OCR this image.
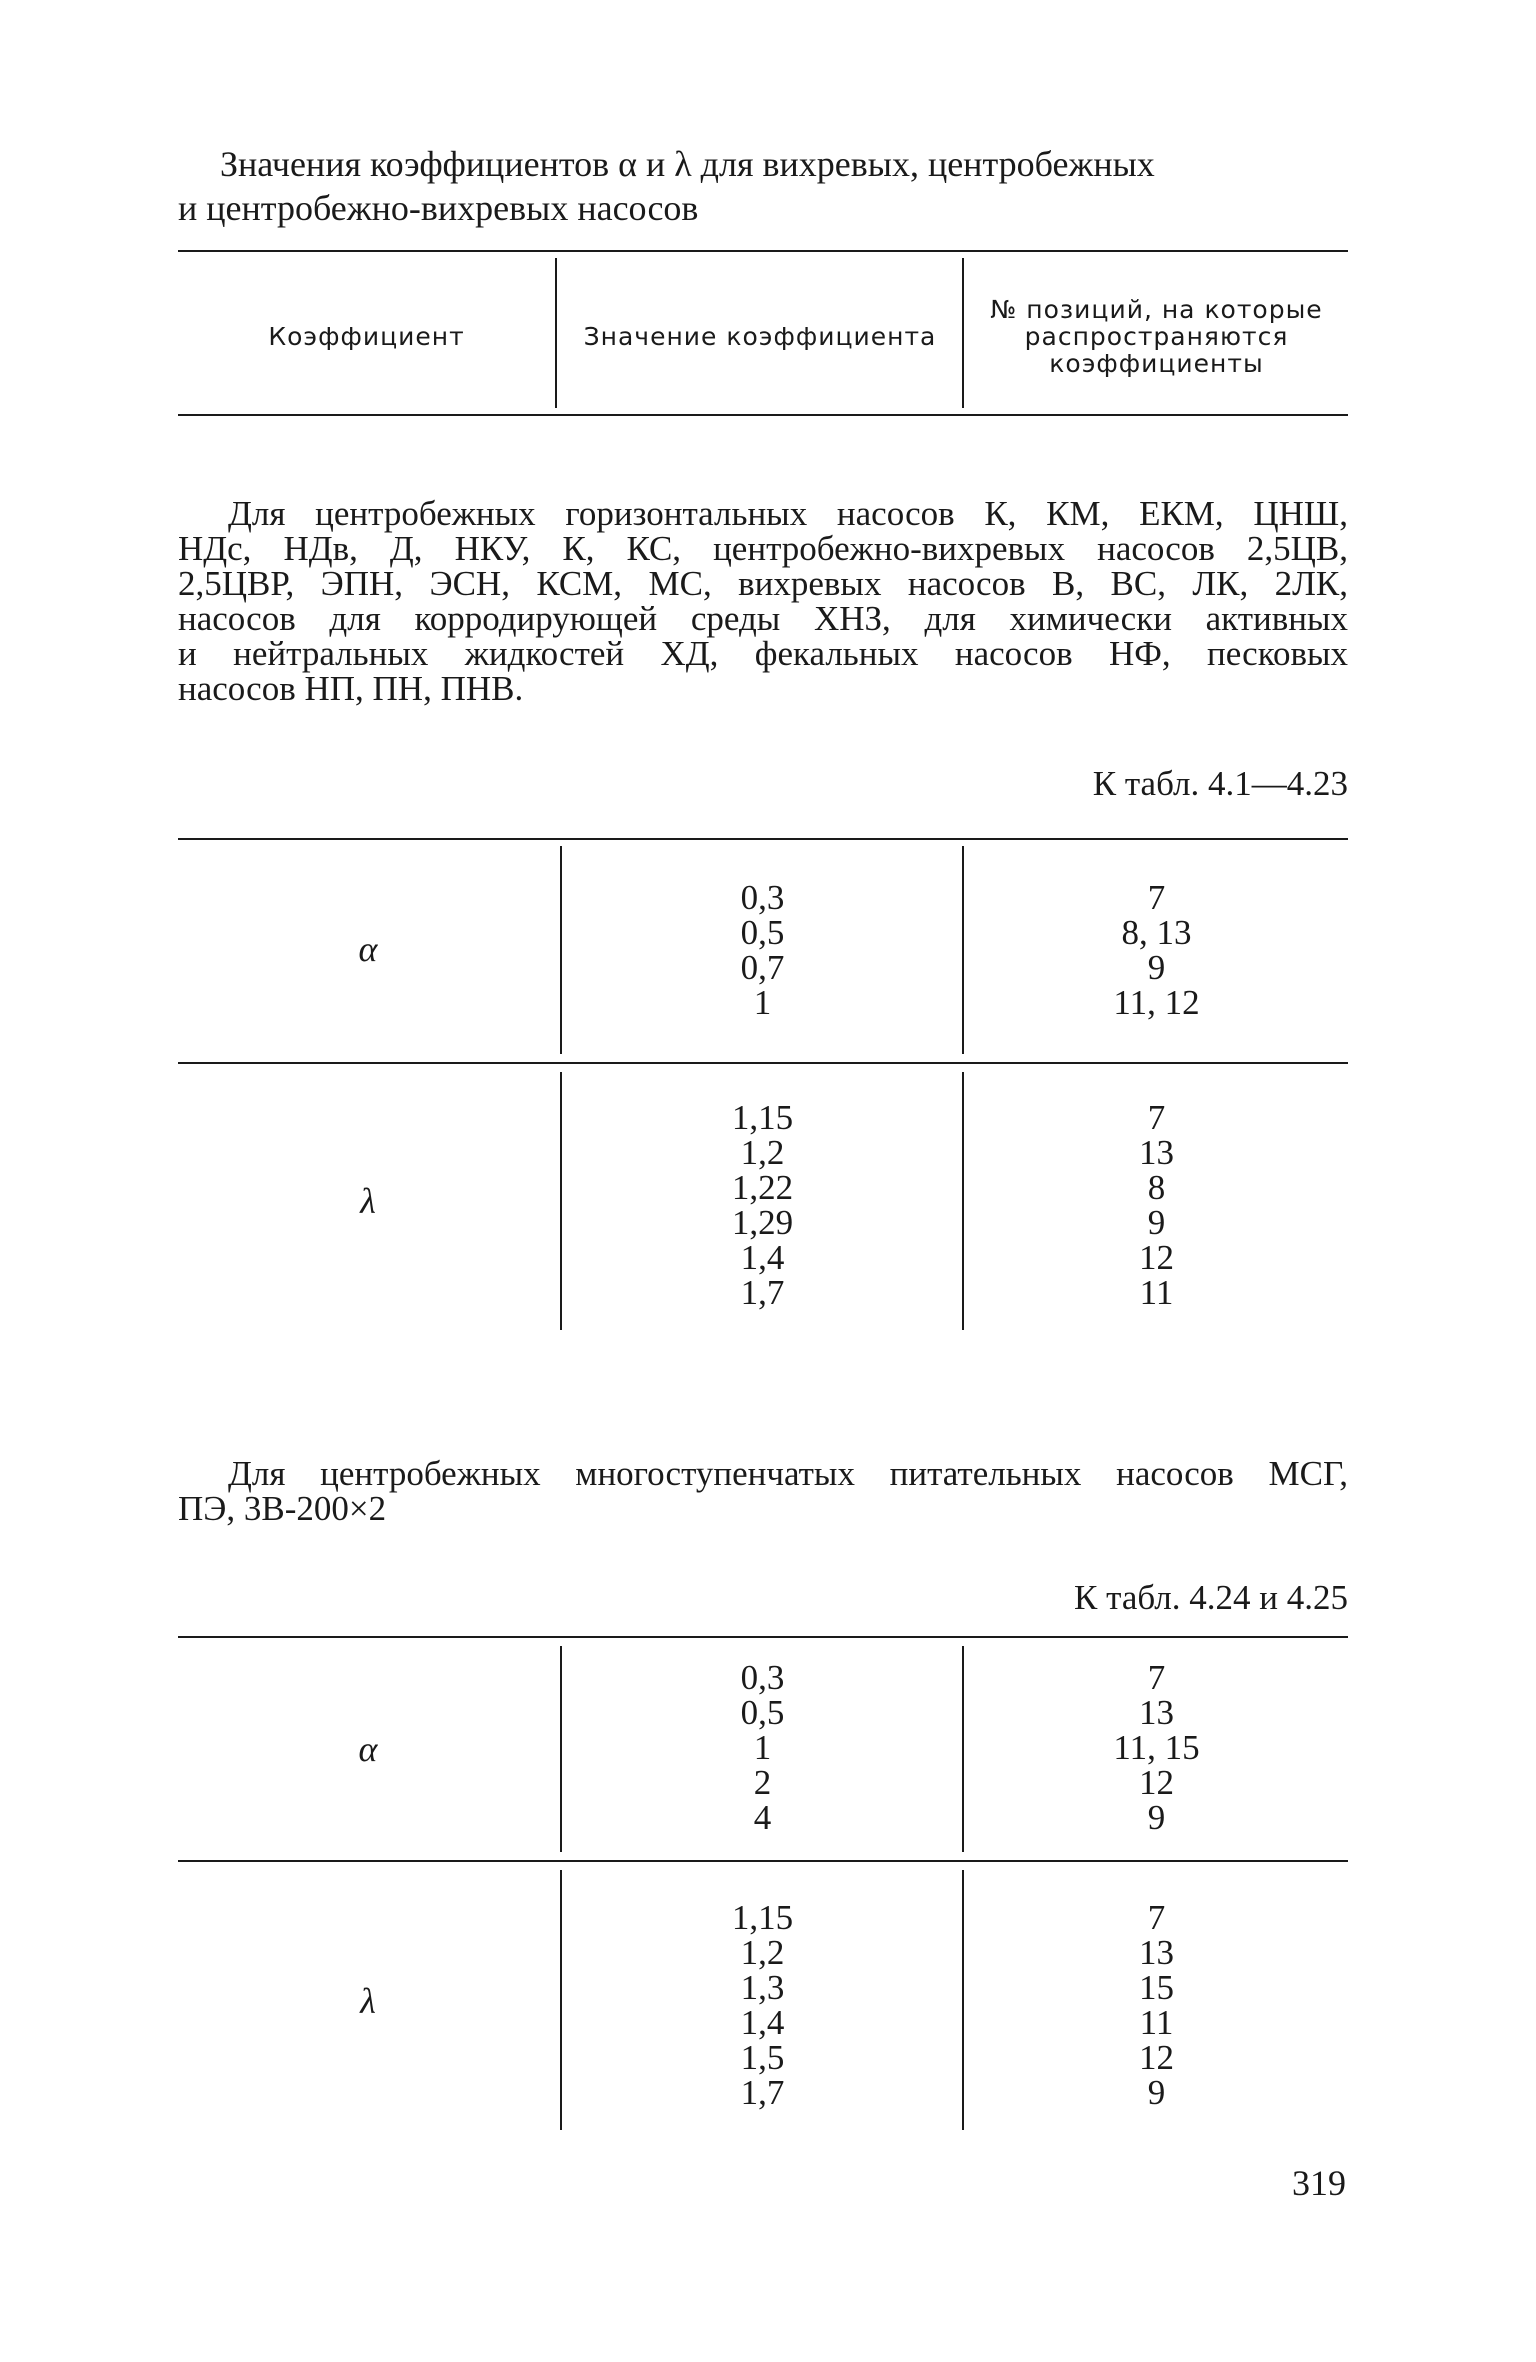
Значения коэффициентов α и λ для вихревых, центробежных
и центробежно-вихревых насосов
Коэффициент	Значение коэффициента
№ позиций, на которые
распространяются
коэффициенты
Для центробежных горизонтальных насосов К, КМ, ЕКМ, ЦНШ,
НДс, НДв, Д, НКУ, К, КС, центробежно-вихревых насосов 2,5ЦВ,
2,5ЦВР, ЭПН, ЭСН, КСМ, МС, вихревых насосов В, ВС, ЛК, 2ЛК,
насосов для корродирующей среды ХНЗ, для химически активных
и нейтральных жидкостей ХД, фекальных насосов НФ, песковых
насосов НП, ПН, ПНВ.
К табл. 4.1—4.23
α
0,3
0,5
0,7
1
7
8, 13
9
11, 12
λ
1,15
1,2
1,22
1,29
1,4
1,7
7
13
8
9
12
11
Для центробежных многоступенчатых питательных насосов МСГ,
ПЭ, 3В-200×2
К табл. 4.24 и 4.25
α
0,3
0,5
1
2
4
7
13
11, 15
12
9
λ
1,15
1,2
1,3
1,4
1,5
1,7
7
13
15
11
12
9
319
